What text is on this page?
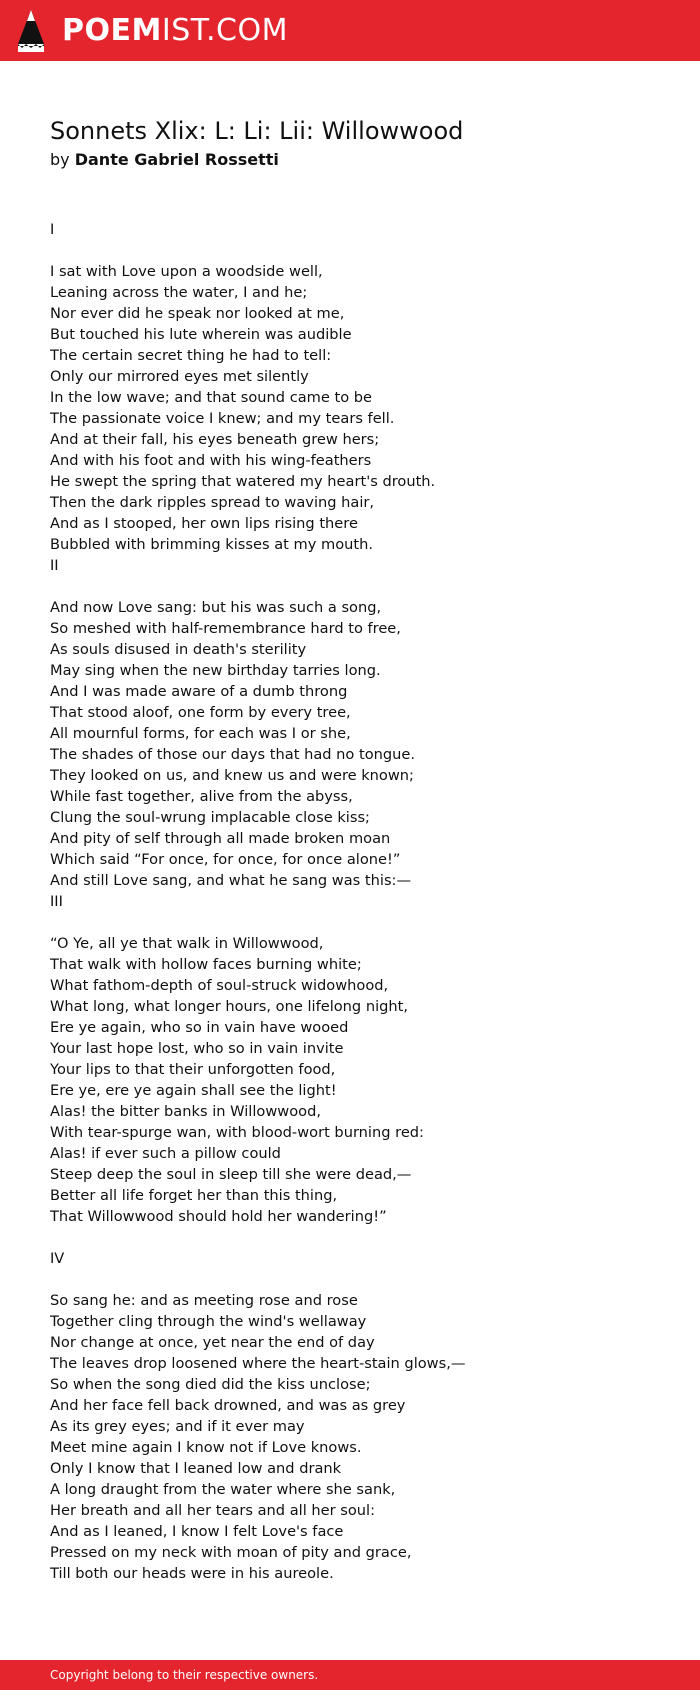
POEMIST.COM
Sonnets Xlix: L: Li: Lii: Willowwood
by Dante Gabriel Rossetti
I
I sat with Love upon a woodside well,
Leaning across the water, I and he;
Nor ever did he speak nor looked at me,
But touched his lute wherein was audible
The certain secret thing he had to tell:
Only our mirrored eyes met silently
In the low wave; and that sound came to be
The passionate voice I knew; and my tears fell.
And at their fall, his eyes beneath grew hers;
And with his foot and with his wing-feathers
He swept the spring that watered my heart's drouth.
Then the dark ripples spread to waving hair,
And as I stooped, her own lips rising there
Bubbled with brimming kisses at my mouth.
II
And now Love sang: but his was such a song,
So meshed with half-remembrance hard to free,
As souls disused in death's sterility
May sing when the new birthday tarries long.
And I was made aware of a dumb throng
That stood aloof, one form by every tree,
All mournful forms, for each was I or she,
The shades of those our days that had no tongue.
They looked on us, and knew us and were known;
While fast together, alive from the abyss,
Clung the soul-wrung implacable close kiss;
And pity of self through all made broken moan
Which said “For once, for once, for once alone!”
And still Love sang, and what he sang was this:—
III
“O Ye, all ye that walk in Willowwood,
That walk with hollow faces burning white;
What fathom-depth of soul-struck widowhood,
What long, what longer hours, one lifelong night,
Ere ye again, who so in vain have wooed
Your last hope lost, who so in vain invite
Your lips to that their unforgotten food,
Ere ye, ere ye again shall see the light!
Alas! the bitter banks in Willowwood,
With tear-spurge wan, with blood-wort burning red:
Alas! if ever such a pillow could
Steep deep the soul in sleep till she were dead,—
Better all life forget her than this thing,
That Willowwood should hold her wandering!”
IV
So sang he: and as meeting rose and rose
Together cling through the wind's wellaway
Nor change at once, yet near the end of day
The leaves drop loosened where the heart-stain glows,—
So when the song died did the kiss unclose;
And her face fell back drowned, and was as grey
As its grey eyes; and if it ever may
Meet mine again I know not if Love knows.
Only I know that I leaned low and drank
A long draught from the water where she sank,
Her breath and all her tears and all her soul:
And as I leaned, I know I felt Love's face
Pressed on my neck with moan of pity and grace,
Till both our heads were in his aureole.
Copyright belong to their respective owners.
